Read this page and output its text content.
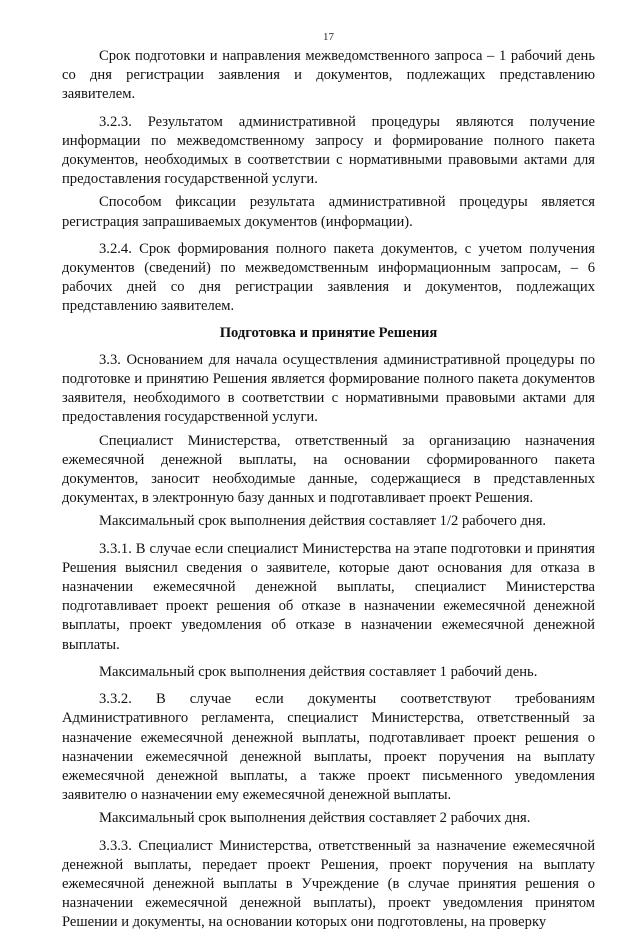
17

Срок подготовки и направления межведомственного запроса – 1 рабочий день со дня регистрации заявления и документов, подлежащих представлению заявителем.

3.2.3. Результатом административной процедуры являются получение информации по межведомственному запросу и формирование полного пакета документов, необходимых в соответствии с нормативными правовыми актами для предоставления государственной услуги.

Способом фиксации результата административной процедуры является регистрация запрашиваемых документов (информации).

3.2.4. Срок формирования полного пакета документов, с учетом получения документов (сведений) по межведомственным информационным запросам, – 6 рабочих дней со дня регистрации заявления и документов, подлежащих представлению заявителем.

Подготовка и принятие Решения

3.3. Основанием для начала осуществления административной процедуры по подготовке и принятию Решения является формирование полного пакета документов заявителя, необходимого в соответствии с нормативными правовыми актами для предоставления государственной услуги.

Специалист Министерства, ответственный за организацию назначения ежемесячной денежной выплаты, на основании сформированного пакета документов, заносит необходимые данные, содержащиеся в представленных документах, в электронную базу данных и подготавливает проект Решения.

Максимальный срок выполнения действия составляет 1/2 рабочего дня.

3.3.1. В случае если специалист Министерства на этапе подготовки и принятия Решения выяснил сведения о заявителе, которые дают основания для отказа в назначении ежемесячной денежной выплаты, специалист Министерства подготавливает проект решения об отказе в назначении ежемесячной денежной выплаты, проект уведомления об отказе в назначении ежемесячной денежной выплаты.

Максимальный срок выполнения действия составляет 1 рабочий день.

3.3.2. В случае если документы соответствуют требованиям Административного регламента, специалист Министерства, ответственный за назначение ежемесячной денежной выплаты, подготавливает проект решения о назначении ежемесячной денежной выплаты, проект поручения на выплату ежемесячной денежной выплаты, а также проект письменного уведомления заявителю о назначении ему ежемесячной денежной выплаты.

Максимальный срок выполнения действия составляет 2 рабочих дня.

3.3.3. Специалист Министерства, ответственный за назначение ежемесячной денежной выплаты, передает проект Решения, проект поручения на выплату ежемесячной денежной выплаты в Учреждение (в случае принятия решения о назначении ежемесячной денежной выплаты), проект уведомления принятом Решении и документы, на основании которых они подготовлены, на проверку
